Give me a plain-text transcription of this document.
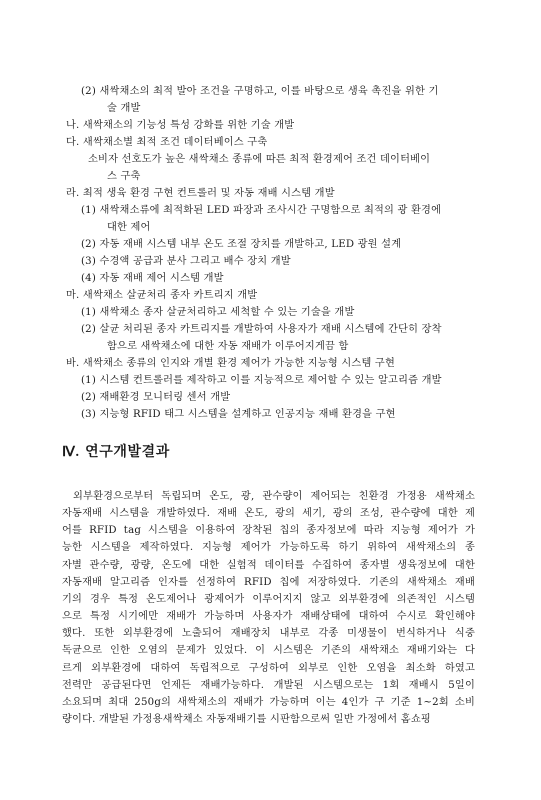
(2) 새싹채소의 최적 발아 조건을 구명하고, 이를 바탕으로 생육 촉진을 위한 기
술 개발
나. 새싹채소의 기능성 특성 강화를 위한 기술 개발
다. 새싹채소별 최적 조건 데이터베이스 구축
소비자 선호도가 높은 새싹채소 종류에 따른 최적 환경제어 조건 데이터베이
스 구축
라. 최적 생육 환경 구현 컨트롤러 및 자동 재배 시스템 개발
(1) 새싹채소류에 최적화된 LED 파장과 조사시간 구명함으로 최적의 광 환경에
대한 제어
(2) 자동 재배 시스템 내부 온도 조절 장치를 개발하고, LED 광원 설계
(3) 수경액 공급과 분사 그리고 배수 장치 개발
(4) 자동 재배 제어 시스템 개발
마. 새싹채소 살균처리 종자 카트리지 개발
(1) 새싹채소 종자 살균처리하고 세척할 수 있는 기술을 개발
(2) 살균 처리된 종자 카트리지를 개발하여 사용자가 재배 시스템에 간단히 장착
함으로 새싹채소에 대한 자동 재배가 이루어지게끔 함
바. 새싹채소 종류의 인지와 개별 환경 제어가 가능한 지능형 시스템 구현
(1) 시스템 컨트롤러를 제작하고 이를 지능적으로 제어할 수 있는 알고리즘 개발
(2) 재배환경 모니터링 센서 개발
(3) 지능형 RFID 태그 시스템을 설계하고 인공지능 재배 환경을 구현
Ⅳ. 연구개발결과
외부환경으로부터 독립되며 온도, 광, 관수량이 제어되는 친환경 가정용 새싹채소
자동재배 시스템을 개발하였다. 재배 온도, 광의 세기, 광의 조성, 관수량에 대한 제
어를 RFID tag 시스템을 이용하여 장착된 칩의 종자정보에 따라 지능형 제어가 가
능한 시스템을 제작하였다. 지능형 제어가 가능하도록 하기 위하여 새싹채소의 종
자별 관수량, 광량, 온도에 대한 실험적 데이터를 수집하여 종자별 생육정보에 대한
자동재배 알고리즘 인자를 선정하여 RFID 칩에 저장하였다. 기존의 새싹채소 재배
기의 경우 특정 온도제어나 광제어가 이루어지지 않고 외부환경에 의존적인 시스템
으로 특정 시기에만 재배가 가능하며 사용자가 재배상태에 대하여 수시로 확인해야
했다. 또한 외부환경에 노출되어 재배장치 내부로 각종 미생물이 번식하거나 식중
독균으로 인한 오염의 문제가 있었다. 이 시스템은 기존의 새싹채소 재배기와는 다
르게 외부환경에 대하여 독립적으로 구성하여 외부로 인한 오염을 최소화 하였고
전력만 공급된다면 언제든 재배가능하다. 개발된 시스템으로는 1회 재배시 5일이
소요되며 최대 250g의 새싹채소의 재배가 가능하며 이는 4인가 구 기준 1~2회 소비
량이다. 개발된 가정용새싹채소 자동재배기를 시판함으로써 일반 가정에서 홈쇼핑
